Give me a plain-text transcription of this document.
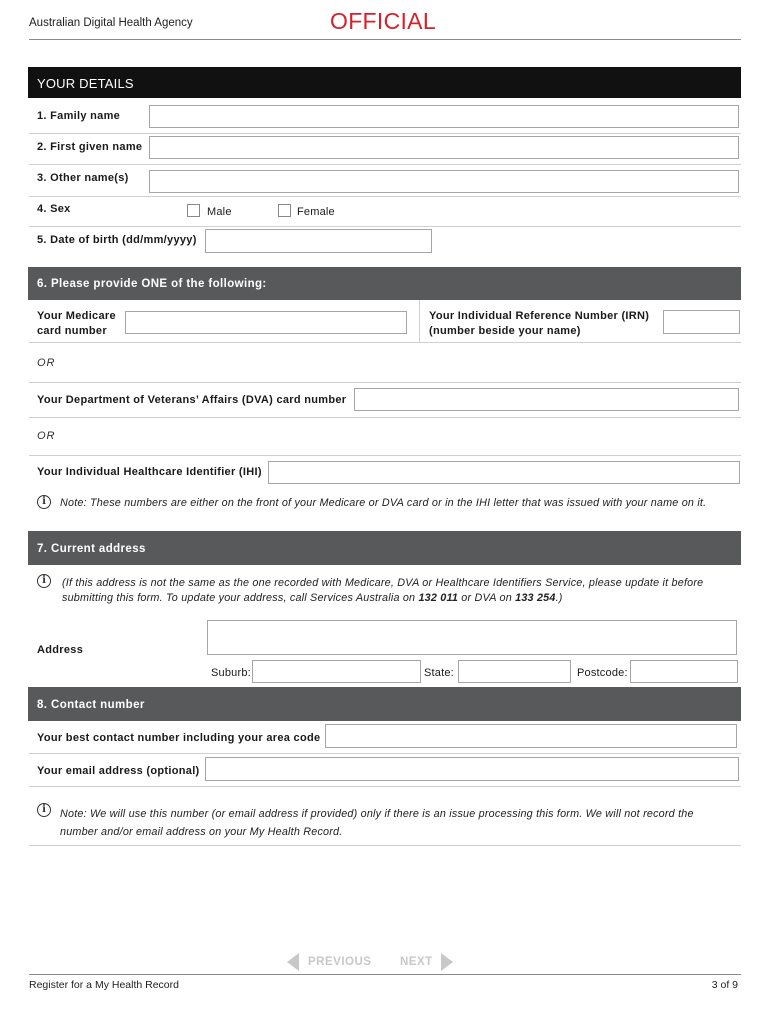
Australian Digital Health Agency	OFFICIAL
YOUR DETAILS
1. Family name
2. First given name
3. Other name(s)
4. Sex	Male	Female
5. Date of birth (dd/mm/yyyy)
6. Please provide ONE of the following:
Your Medicare
card number
Your Individual Reference Number (IRN)
(number beside your name)
OR
Your Department of Veterans’ Affairs (DVA) card number
OR
Your Individual Healthcare Identifier (IHI)
i	Note: These numbers are either on the front of your Medicare or DVA card or in the IHI letter that was issued with your name on it.
7. Current address
i	(If this address is not the same as the one recorded with Medicare, DVA or Healthcare Identifiers Service, please update it before
submitting this form. To update your address, call Services Australia on 132 011 or DVA on 133 254.)
Address
Suburb:	State:	Postcode:
8. Contact number
Your best contact number including your area code
Your email address (optional)
i	Note: We will use this number (or email address if provided) only if there is an issue processing this form. We will not record the
number and/or email address on your My Health Record.
PREVIOUS NEXT
Register for a My Health Record	3 of 9
